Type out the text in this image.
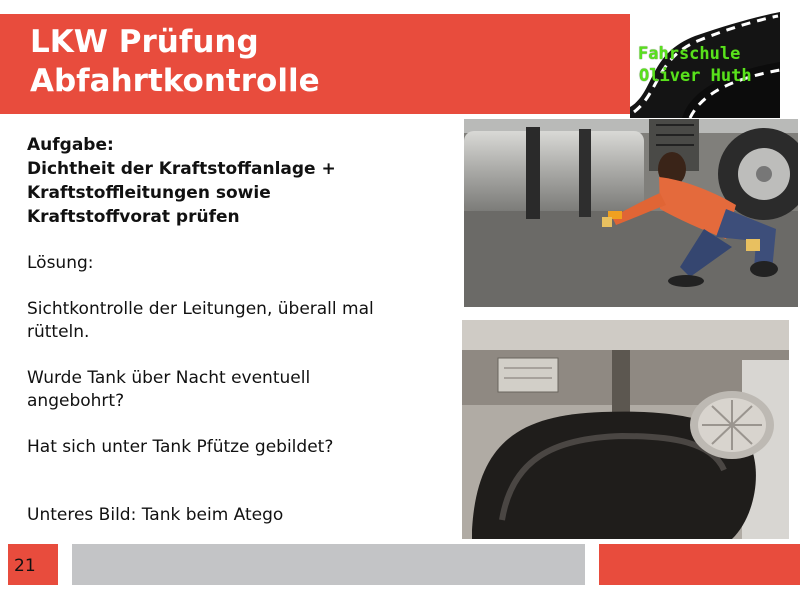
LKW Prüfung
Abfahrtkontrolle
Fahrschule
Oliver Huth

Aufgabe:

Dichtheit der Kraftstoffanlage +

Kraftstoffleitungen sowie

Kraftstoffvorat prüfen

Lösung:

Sichtkontrolle der Leitungen, überall mal

rütteln.

Wurde Tank über Nacht eventuell

angebohrt?

Hat sich unter Tank Pfütze gebildet?

Unteres Bild: Tank beim Atego

21
